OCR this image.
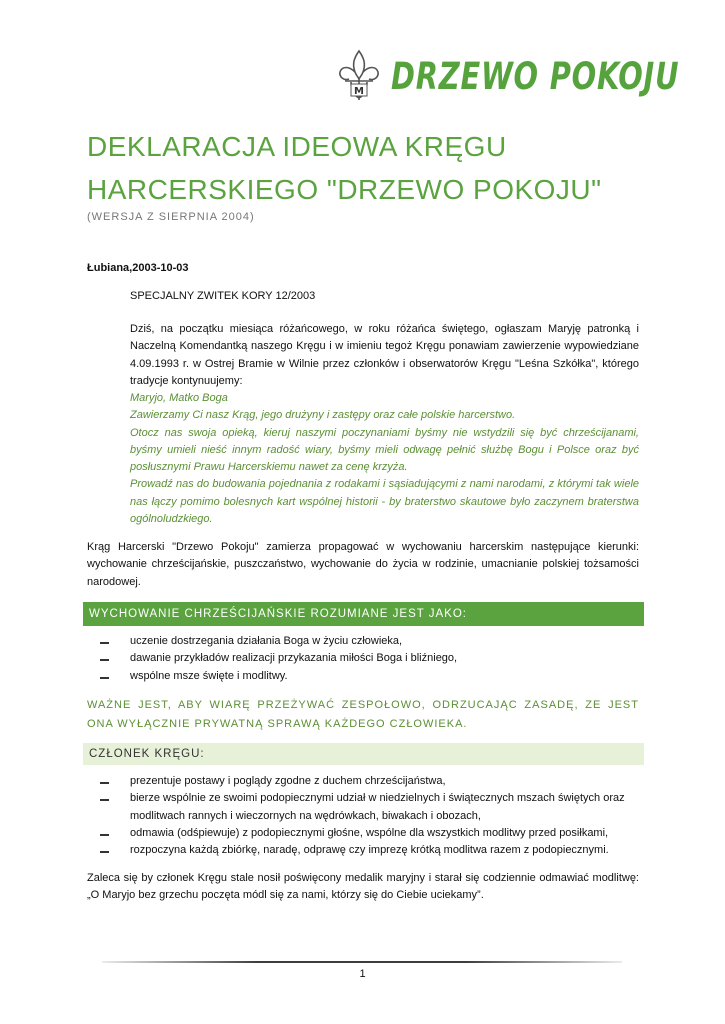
M DRZEWO POKOJU
DEKLARACJA IDEOWA KRĘGU HARCERSKIEGO "DRZEWO POKOJU"
(WERSJA Z SIERPNIA 2004)
Łubiana,2003-10-03
SPECJALNY ZWITEK KORY 12/2003
Dziś, na początku miesiąca różańcowego, w roku różańca świętego, ogłaszam Maryję patronką i Naczelną Komendantką naszego Kręgu i w imieniu tegoż Kręgu ponawiam zawierzenie wypowiedziane 4.09.1993 r. w Ostrej Bramie w Wilnie przez członków i obserwatorów Kręgu "Leśna Szkółka", którego tradycje kontynuujemy:

Maryjo, Matko Boga

Zawierzamy Ci nasz Krąg, jego drużyny i zastępy oraz całe polskie harcerstwo.

Otocz nas swoja opieką, kieruj naszymi poczynaniami byśmy nie wstydzili się być chrześcijanami, byśmy umieli nieść innym radość wiary, byśmy mieli odwagę pełnić służbę Bogu i Polsce oraz być posłusznymi Prawu Harcerskiemu nawet za cenę krzyża.

Prowadź nas do budowania pojednania z rodakami i sąsiadującymi z nami narodami, z którymi tak wiele nas łączy pomimo bolesnych kart wspólnej historii - by braterstwo skautowe było zaczynem braterstwa ogólnoludzkiego.

Krąg Harcerski "Drzewo Pokoju" zamierza propagować w wychowaniu harcerskim następujące kierunki: wychowanie chrześcijańskie, puszczaństwo, wychowanie do życia w rodzinie, umacnianie polskiej tożsamości narodowej.
WYCHOWANIE CHRZEŚCIJAŃSKIE ROZUMIANE JEST JAKO:
uczenie dostrzegania działania Boga w życiu człowieka,
dawanie przykładów realizacji przykazania miłości Boga i bliźniego,
wspólne msze święte i modlitwy.
WAŻNE JEST, ABY WIARĘ PRZEŻYWAĆ ZESPOŁOWO, ODRZUCAJĄC ZASADĘ, ZE JEST ONA WYŁĄCZNIE PRYWATNĄ SPRAWĄ KAŻDEGO CZŁOWIEKA.
CZŁONEK KRĘGU:
prezentuje postawy i poglądy zgodne z duchem chrześcijaństwa,
bierze wspólnie ze swoimi podopiecznymi udział w niedzielnych i świątecznych mszach świętych oraz modlitwach rannych i wieczornych na wędrówkach, biwakach i obozach,
odmawia (odśpiewuje) z podopiecznymi głośne, wspólne dla wszystkich modlitwy przed posiłkami,
rozpoczyna każdą zbiórkę, naradę, odprawę czy imprezę krótką modlitwa razem z podopiecznymi.
Zaleca się by członek Kręgu stale nosił poświęcony medalik maryjny i starał się codziennie odmawiać modlitwę: „O Maryjo bez grzechu poczęta módl się za nami, którzy się do Ciebie uciekamy”.
1
